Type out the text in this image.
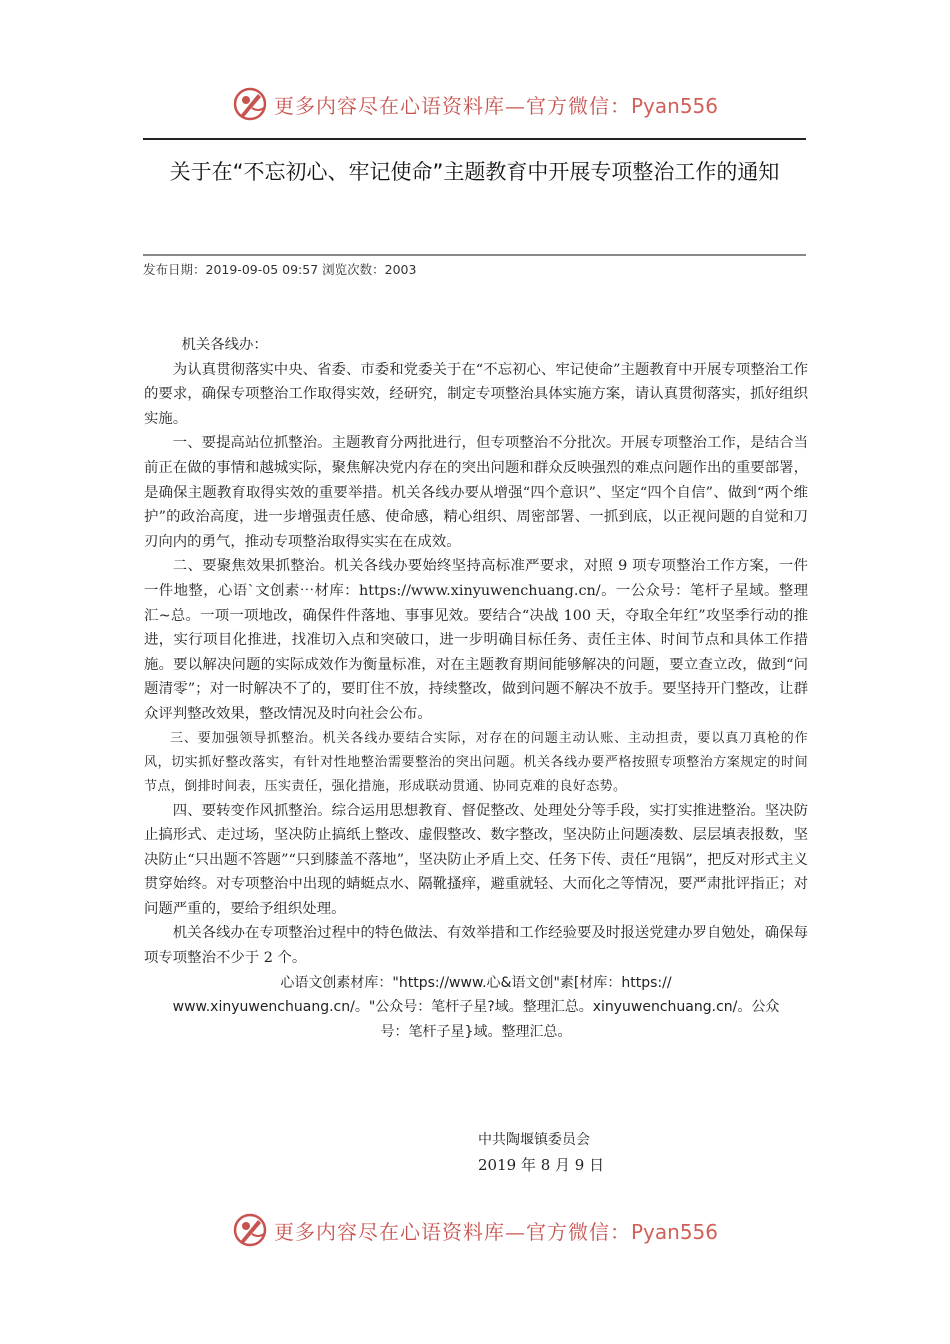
更多内容尽在心语资料库—官方微信：Pyan556
关于在“不忘初心、牢记使命”主题教育中开展专项整治工作的通知
发布日期：2019-09-05 09:57 浏览次数：2003

机关各线办：

为认真贯彻落实中央、省委、市委和党委关于在“不忘初心、牢记使命”主题教育中开展专项整治工作的要求，确保专项整治工作取得实效，经研究，制定专项整治具体实施方案，请认真贯彻落实，抓好组织实施。

一、要提高站位抓整治。主题教育分两批进行，但专项整治不分批次。开展专项整治工作，是结合当前正在做的事情和越城实际，聚焦解决党内存在的突出问题和群众反映强烈的难点问题作出的重要部署，是确保主题教育取得实效的重要举措。机关各线办要从增强“四个意识”、坚定“四个自信”、做到“两个维护”的政治高度，进一步增强责任感、使命感，精心组织、周密部署、一抓到底，以正视问题的自觉和刀刃向内的勇气，推动专项整治取得实实在在成效。

二、要聚焦效果抓整治。机关各线办要始终坚持高标准严要求，对照 9 项专项整治工作方案，一件一件地整，心语`文创素⋯材库：https://www.xinyuwenchuang.cn/。一公众号：笔杆子星域。整理汇~总。一项一项地改，确保件件落地、事事见效。要结合“决战 100 天，夺取全年红”攻坚季行动的推进，实行项目化推进，找准切入点和突破口，进一步明确目标任务、责任主体、时间节点和具体工作措施。要以解决问题的实际成效作为衡量标准，对在主题教育期间能够解决的问题，要立查立改，做到“问题清零”；对一时解决不了的，要盯住不放，持续整改，做到问题不解决不放手。要坚持开门整改，让群众评判整改效果，整改情况及时向社会公布。

三、要加强领导抓整治。机关各线办要结合实际，对存在的问题主动认账、主动担责，要以真刀真枪的作风，切实抓好整改落实，有针对性地整治需要整治的突出问题。机关各线办要严格按照专项整治方案规定的时间节点，倒排时间表，压实责任，强化措施，形成联动贯通、协同克难的良好态势。

四、要转变作风抓整治。综合运用思想教育、督促整改、处理处分等手段，实打实推进整治。坚决防止搞形式、走过场，坚决防止搞纸上整改、虚假整改、数字整改，坚决防止问题凑数、层层填表报数，坚决防止“只出题不答题”“只到膝盖不落地”，坚决防止矛盾上交、任务下传、责任“甩锅”，把反对形式主义贯穿始终。对专项整治中出现的蜻蜓点水、隔靴搔痒，避重就轻、大而化之等情况，要严肃批评指正；对问题严重的，要给予组织处理。

机关各线办在专项整治过程中的特色做法、有效举措和工作经验要及时报送党建办罗自勉处，确保每项专项整治不少于 2 个。

心语文创素材库："https://www.心&语文创"素[材库：https://

www.xinyuwenchuang.cn/。"公众号：笔杆子星?域。整理汇总。xinyuwenchuang.cn/。公众

号：笔杆子星}域。整理汇总。

中共陶堰镇委员会
2019 年 8 月 9 日
更多内容尽在心语资料库—官方微信：Pyan556
